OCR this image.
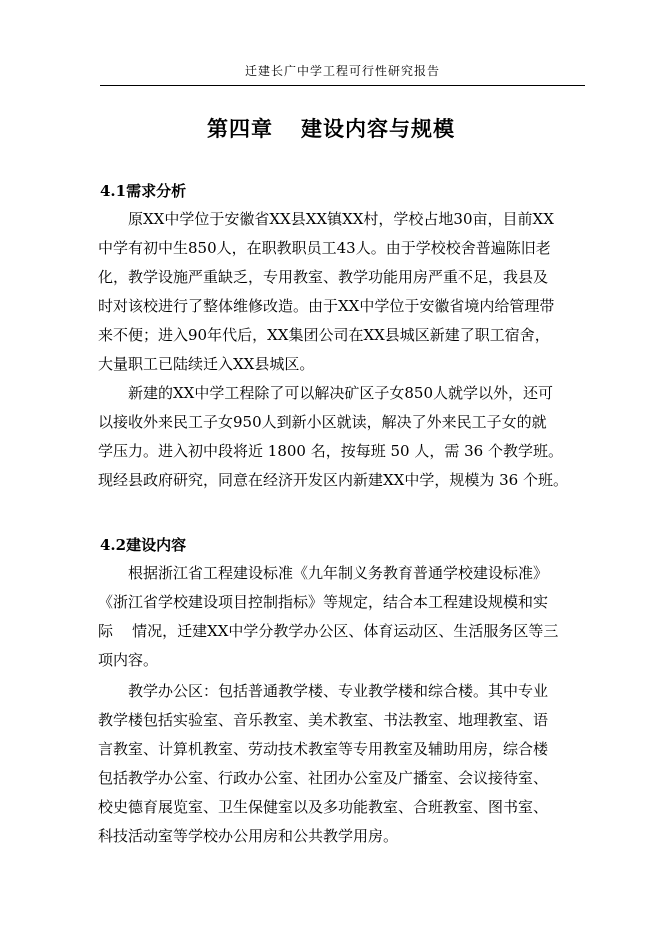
迁建长广中学工程可行性研究报告
第四章 建设内容与规模
4.1需求分析

原XX中学位于安徽省XX县XX镇XX村，学校占地30亩，目前XX
中学有初中生850人，在职教职员工43人。由于学校校舍普遍陈旧老
化，教学设施严重缺乏，专用教室、教学功能用房严重不足，我县及
时对该校进行了整体维修改造。由于XX中学位于安徽省境内给管理带
来不便；进入90年代后，XX集团公司在XX县城区新建了职工宿舍，
大量职工已陆续迁入XX县城区。

新建的XX中学工程除了可以解决矿区子女850人就学以外，还可
以接收外来民工子女950人到新小区就读，解决了外来民工子女的就
学压力。进入初中段将近 1800 名，按每班 50 人，需 36 个教学班。
现经县政府研究，同意在经济开发区内新建XX中学，规模为 36 个班。

4.2建设内容

根据浙江省工程建设标准《九年制义务教育普通学校建设标准》
《浙江省学校建设项目控制指标》等规定，结合本工程建设规模和实
际    情况，迁建XX中学分教学办公区、体育运动区、生活服务区等三
项内容。

教学办公区：包括普通教学楼、专业教学楼和综合楼。其中专业
教学楼包括实验室、音乐教室、美术教室、书法教室、地理教室、语
言教室、计算机教室、劳动技术教室等专用教室及辅助用房，综合楼
包括教学办公室、行政办公室、社团办公室及广播室、会议接待室、
校史德育展览室、卫生保健室以及多功能教室、合班教室、图书室、
科技活动室等学校办公用房和公共教学用房。
